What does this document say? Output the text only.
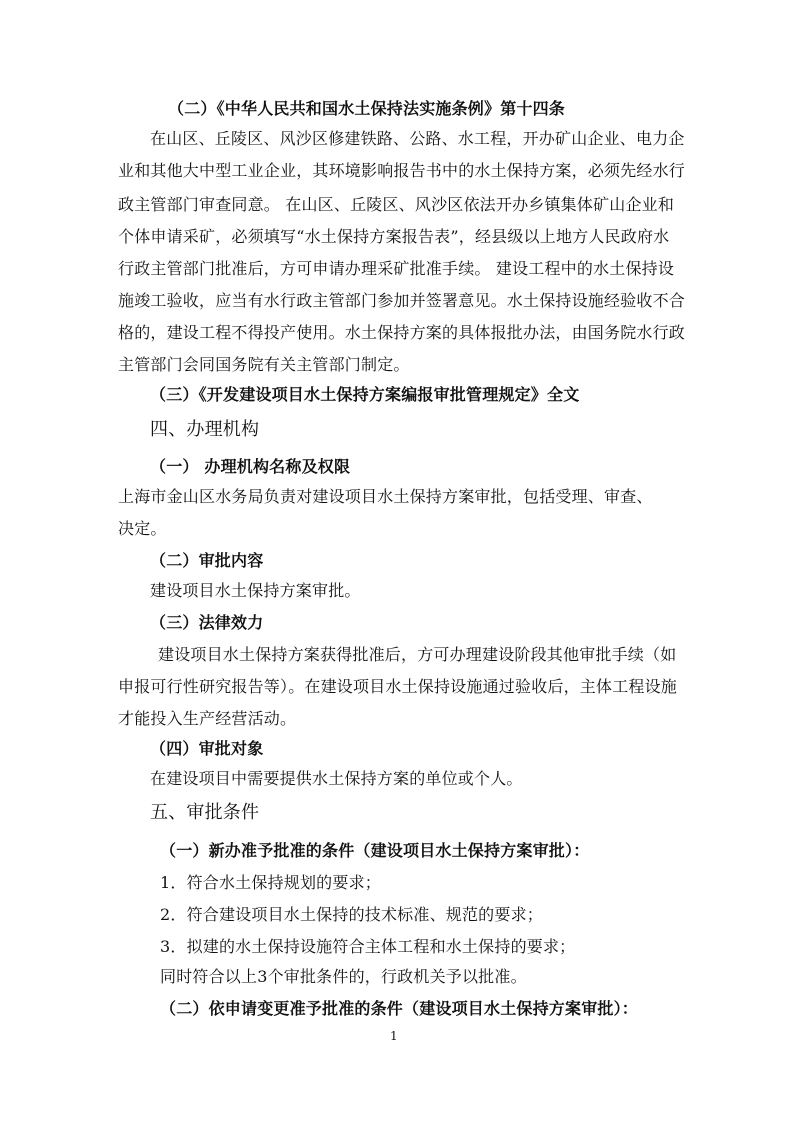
（二）《中华人民共和国水土保持法实施条例》第十四条
在山区、丘陵区、风沙区修建铁路、公路、水工程，开办矿山企业、电力企
业和其他大中型工业企业，其环境影响报告书中的水土保持方案，必须先经水行
政主管部门审查同意。 在山区、丘陵区、风沙区依法开办乡镇集体矿山企业和
个体申请采矿，必须填写“水土保持方案报告表”，经县级以上地方人民政府水
行政主管部门批准后，方可申请办理采矿批准手续。 建设工程中的水土保持设
施竣工验收，应当有水行政主管部门参加并签署意见。水土保持设施经验收不合
格的，建设工程不得投产使用。水土保持方案的具体报批办法，由国务院水行政
主管部门会同国务院有关主管部门制定。
（三）《开发建设项目水土保持方案编报审批管理规定》全文
四、办理机构
（一） 办理机构名称及权限
上海市金山区水务局负责对建设项目水土保持方案审批，包括受理、审查、
决定。
（二）审批内容
建设项目水土保持方案审批。
（三）法律效力
建设项目水土保持方案获得批准后，方可办理建设阶段其他审批手续（如
申报可行性研究报告等）。在建设项目水土保持设施通过验收后，主体工程设施
才能投入生产经营活动。
（四）审批对象
在建设项目中需要提供水土保持方案的单位或个人。
五、审批条件
（一）新办准予批准的条件（建设项目水土保持方案审批）：
1．符合水土保持规划的要求；
2．符合建设项目水土保持的技术标准、规范的要求；
3．拟建的水土保持设施符合主体工程和水土保持的要求；
同时符合以上3个审批条件的，行政机关予以批准。
（二）依申请变更准予批准的条件（建设项目水土保持方案审批）：
1
